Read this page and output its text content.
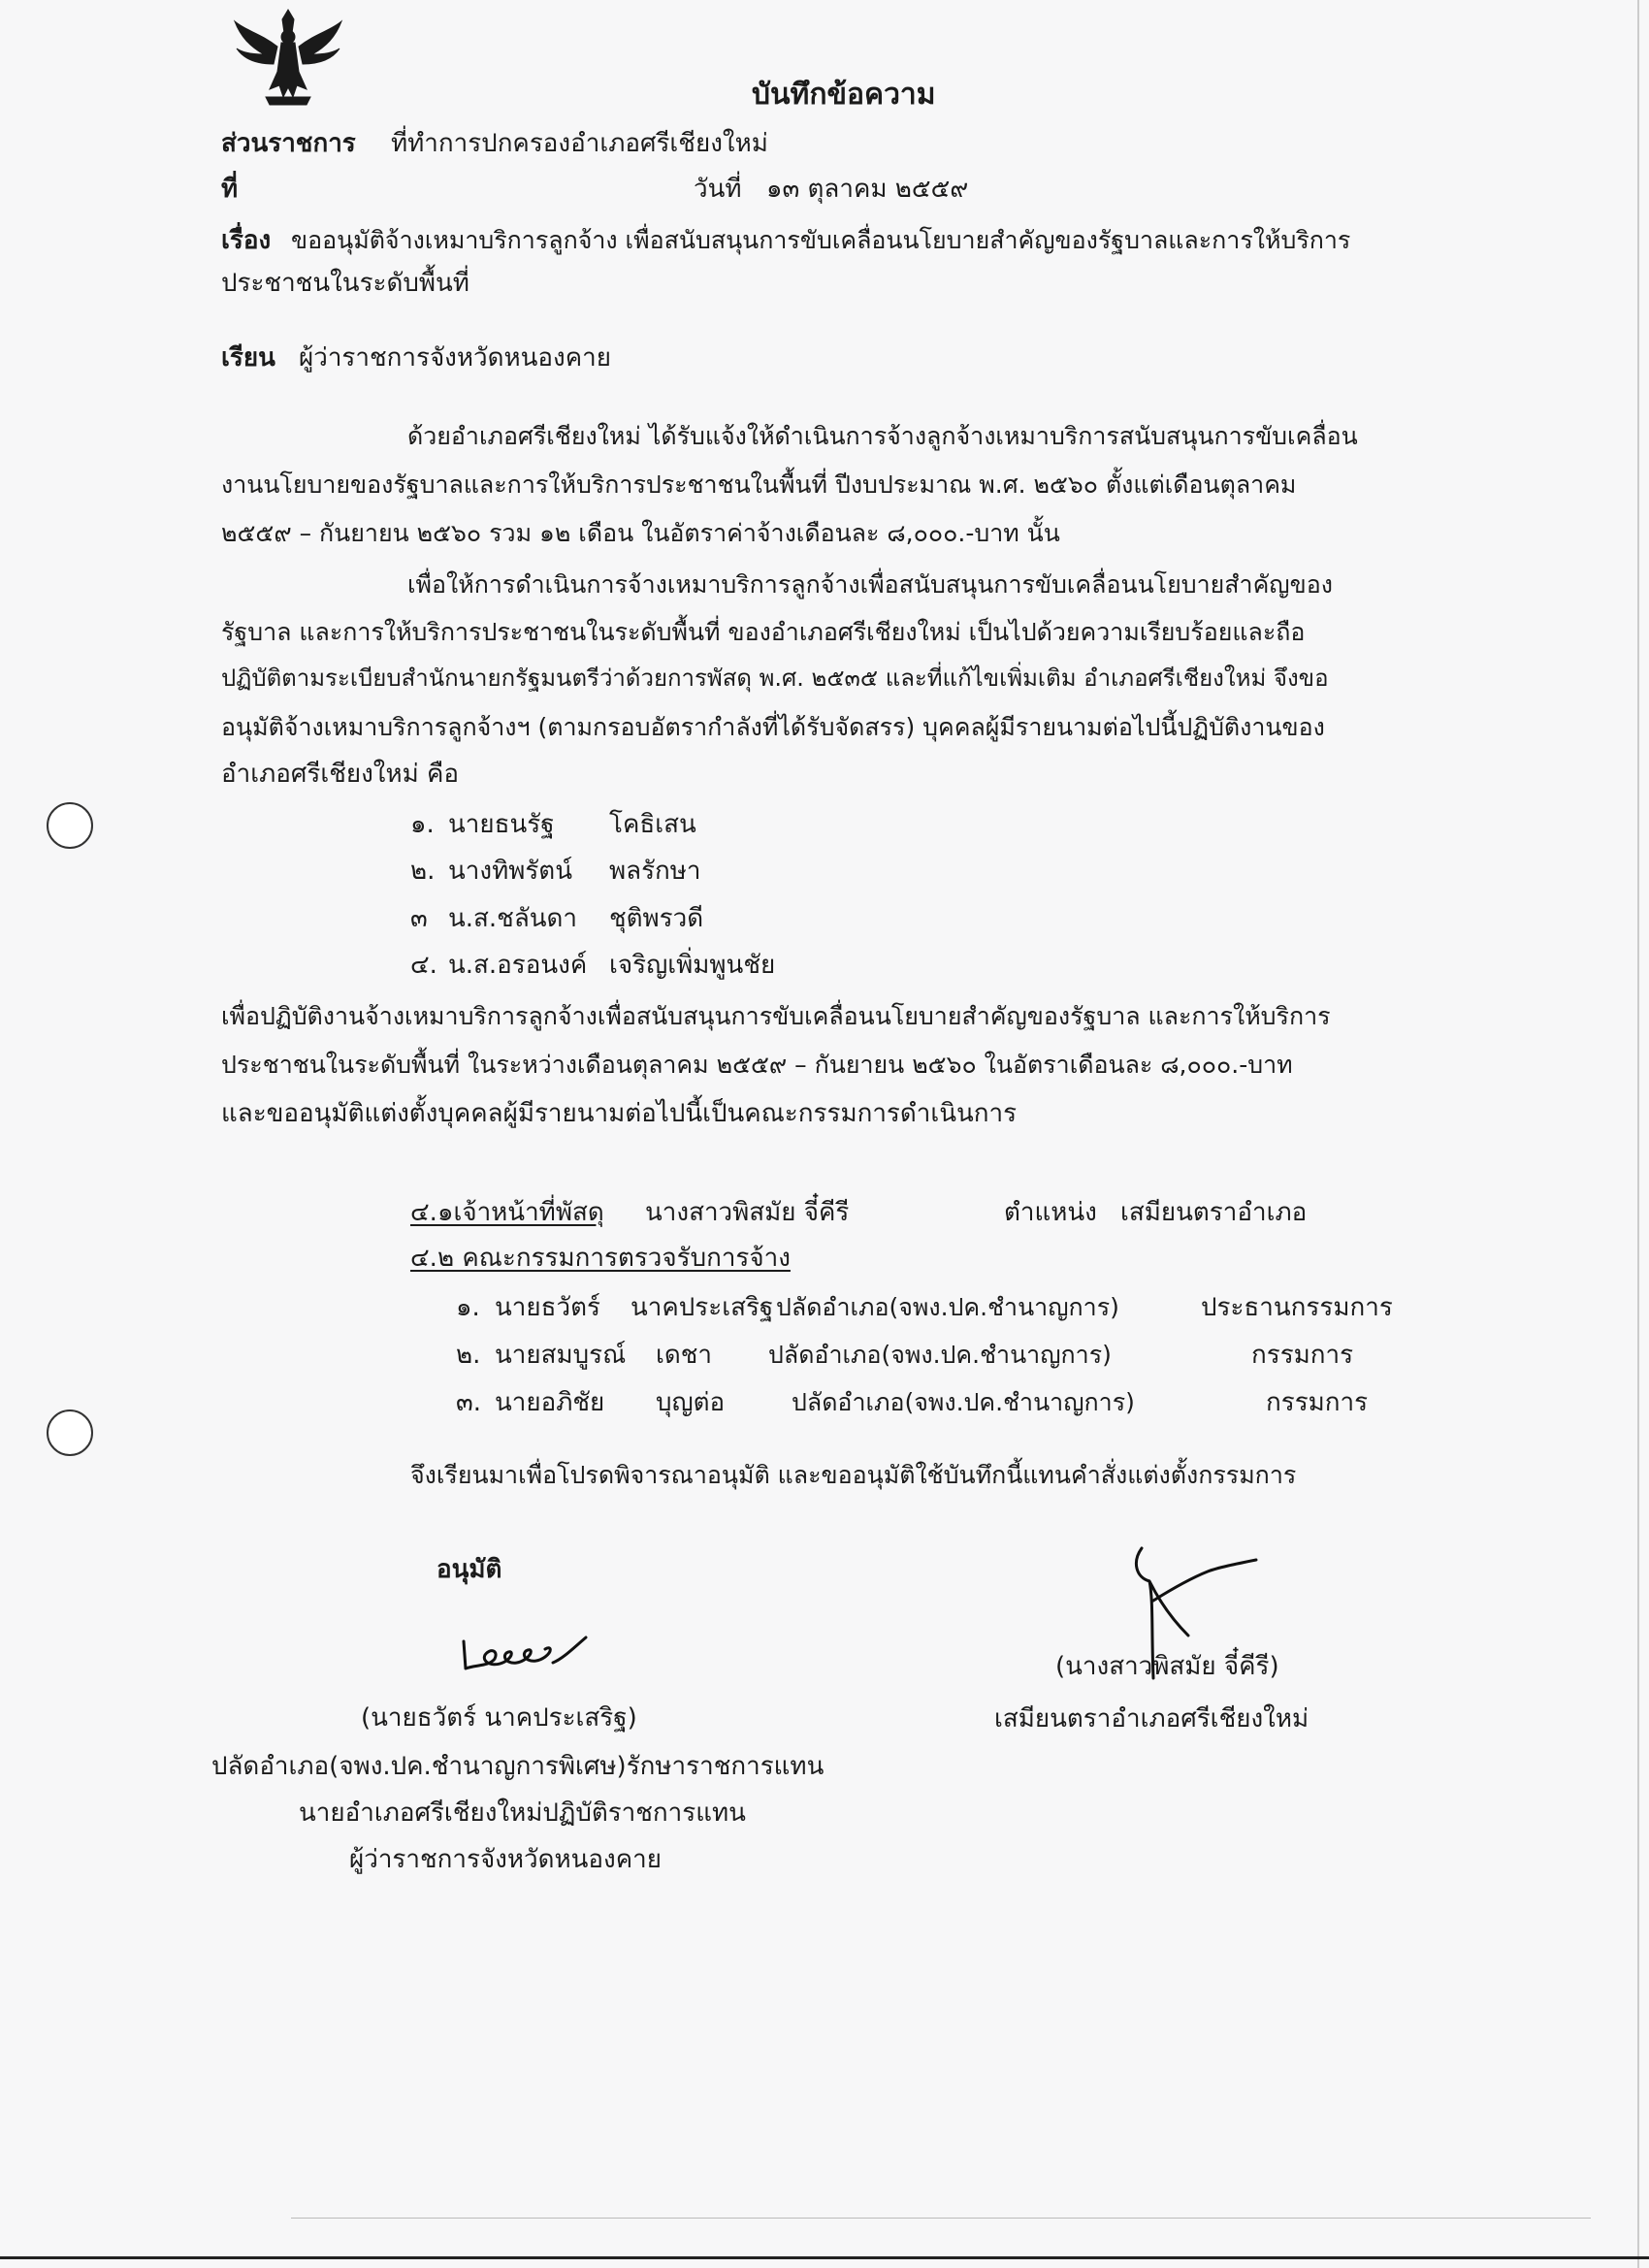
บันทึกข้อความ
ส่วนราชการ ที่ทำการปกครองอำเภอศรีเชียงใหม่
ที่	วันที่ ๑๓ ตุลาคม ๒๕๕๙
เรื่อง ขออนุมัติจ้างเหมาบริการลูกจ้าง เพื่อสนับสนุนการขับเคลื่อนนโยบายสำคัญของรัฐบาลและการให้บริการ
ประชาชนในระดับพื้นที่
เรียน ผู้ว่าราชการจังหวัดหนองคาย
ด้วยอำเภอศรีเชียงใหม่ ได้รับแจ้งให้ดำเนินการจ้างลูกจ้างเหมาบริการสนับสนุนการขับเคลื่อน
งานนโยบายของรัฐบาลและการให้บริการประชาชนในพื้นที่ ปีงบประมาณ พ.ศ. ๒๕๖๐ ตั้งแต่เดือนตุลาคม
๒๕๕๙ – กันยายน ๒๕๖๐ รวม ๑๒ เดือน ในอัตราค่าจ้างเดือนละ ๘,๐๐๐.-บาท นั้น
เพื่อให้การดำเนินการจ้างเหมาบริการลูกจ้างเพื่อสนับสนุนการขับเคลื่อนนโยบายสำคัญของ
รัฐบาล และการให้บริการประชาชนในระดับพื้นที่ ของอำเภอศรีเชียงใหม่ เป็นไปด้วยความเรียบร้อยและถือ
ปฏิบัติตามระเบียบสำนักนายกรัฐมนตรีว่าด้วยการพัสดุ พ.ศ. ๒๕๓๕ และที่แก้ไขเพิ่มเติม อำเภอศรีเชียงใหม่ จึงขอ
อนุมัติจ้างเหมาบริการลูกจ้างฯ (ตามกรอบอัตรากำลังที่ได้รับจัดสรร) บุคคลผู้มีรายนามต่อไปนี้ปฏิบัติงานของ
อำเภอศรีเชียงใหม่ คือ
๑. นายธนรัฐ โคธิเสน
๒. นางทิพรัตน์ พลรักษา
๓ น.ส.ชลันดา ชุติพรวดี
๔. น.ส.อรอนงค์ เจริญเพิ่มพูนชัย
เพื่อปฏิบัติงานจ้างเหมาบริการลูกจ้างเพื่อสนับสนุนการขับเคลื่อนนโยบายสำคัญของรัฐบาล และการให้บริการ
ประชาชนในระดับพื้นที่ ในระหว่างเดือนตุลาคม ๒๕๕๙ – กันยายน ๒๕๖๐ ในอัตราเดือนละ ๘,๐๐๐.-บาท
และขออนุมัติแต่งตั้งบุคคลผู้มีรายนามต่อไปนี้เป็นคณะกรรมการดำเนินการ
๔.๑เจ้าหน้าที่พัสดุ นางสาวพิสมัย จี๋คีรี	ตำแหน่ง เสมียนตราอำเภอ
๔.๒ คณะกรรมการตรวจรับการจ้าง
๑. นายธวัตร์ นาคประเสริฐ ปลัดอำเภอ(จพง.ปค.ชำนาญการ)	ประธานกรรมการ
๒. นายสมบูรณ์ เดชา ปลัดอำเภอ(จพง.ปค.ชำนาญการ)	กรรมการ
๓. นายอภิชัย บุญต่อ	ปลัดอำเภอ(จพง.ปค.ชำนาญการ)	กรรมการ
จึงเรียนมาเพื่อโปรดพิจารณาอนุมัติ และขออนุมัติใช้บันทึกนี้แทนคำสั่งแต่งตั้งกรรมการ
อนุมัติ
(นายธวัตร์ นาคประเสริฐ)
ปลัดอำเภอ(จพง.ปค.ชำนาญการพิเศษ)รักษาราชการแทน
นายอำเภอศรีเชียงใหม่ปฏิบัติราชการแทน
ผู้ว่าราชการจังหวัดหนองคาย
(นางสาวพิสมัย จี๋คีรี)
เสมียนตราอำเภอศรีเชียงใหม่
